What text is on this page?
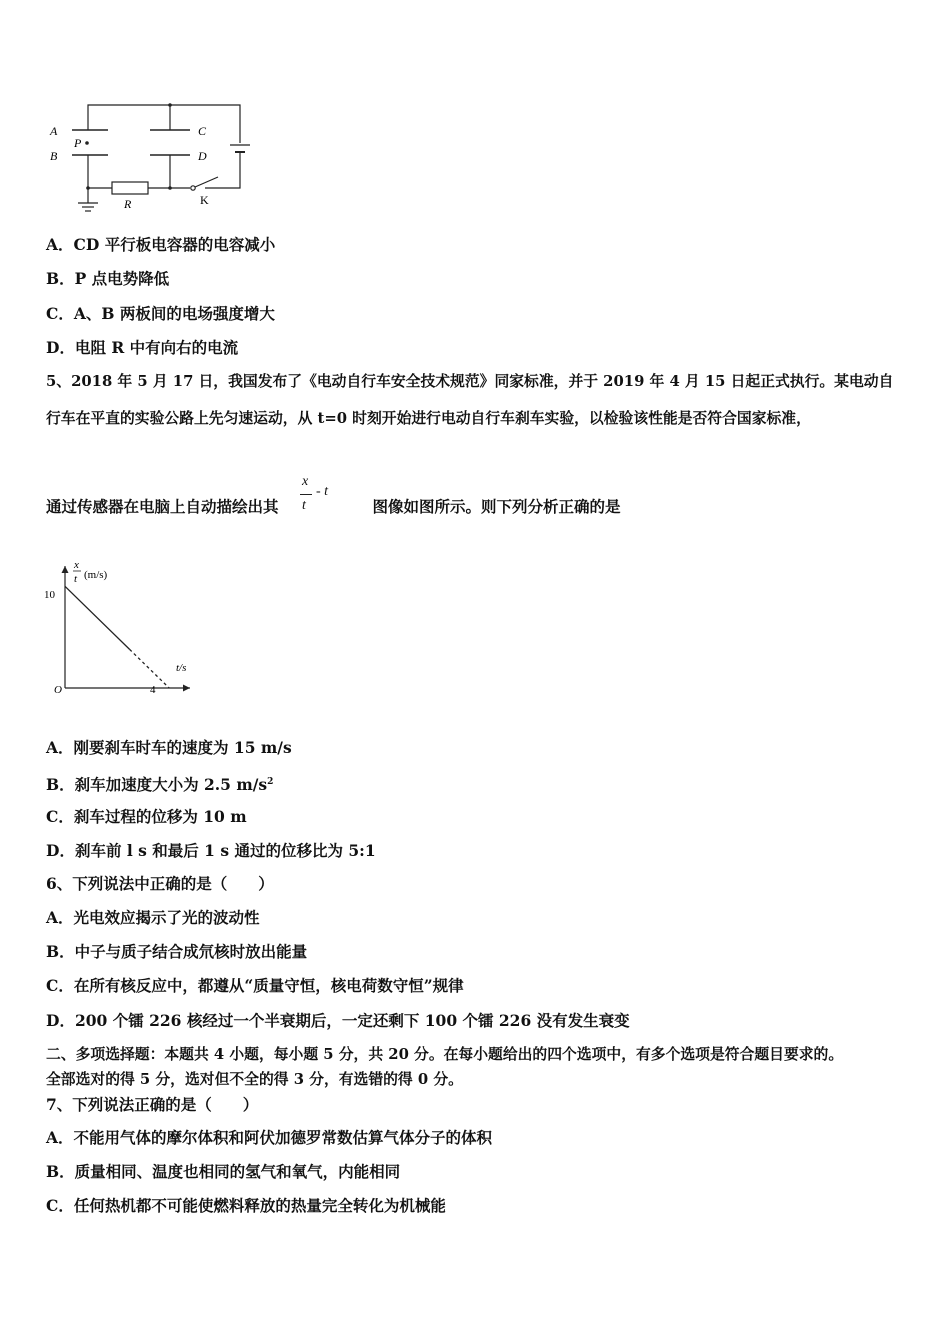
A
B
C
D
P
R	K
A．CD 平行板电容器的电容减小
B．P 点电势降低
C．A、B 两板间的电场强度增大
D．电阻 R 中有向右的电流
5、2018 年 5 月 17 日，我国发布了《电动自行车安全技术规范》同家标准，并于 2019 年 4 月 15 日起正式执行。某电动自
行车在平直的实验公路上先匀速运动，从 t=0 时刻开始进行电动自行车刹车实验，以检验该性能是否符合国家标准，
通过传感器在电脑上自动描绘出其	图像如图所示。则下列分析正确的是
x
t
- t
x
t (m/s)
t/s
O
10
4
A．刚要刹车时车的速度为 15 m/s
B．刹车加速度大小为 2.5 $m/s^2$
C．刹车过程的位移为 10 m
D．刹车前 l s 和最后 1 s 通过的位移比为 5:1
6、下列说法中正确的是（　　）
A．光电效应揭示了光的波动性
B．中子与质子结合成氘核时放出能量
C．在所有核反应中，都遵从“质量守恒，核电荷数守恒”规律
D．200 个镭 226 核经过一个半衰期后，一定还剩下 100 个镭 226 没有发生衰变
二、多项选择题：本题共 4 小题，每小题 5 分，共 20 分。在每小题给出的四个选项中，有多个选项是符合题目要求的。
全部选对的得 5 分，选对但不全的得 3 分，有选错的得 0 分。
7、下列说法正确的是（　　）
A．不能用气体的摩尔体积和阿伏加德罗常数估算气体分子的体积
B．质量相同、温度也相同的氢气和氧气，内能相同
C．任何热机都不可能使燃料释放的热量完全转化为机械能
